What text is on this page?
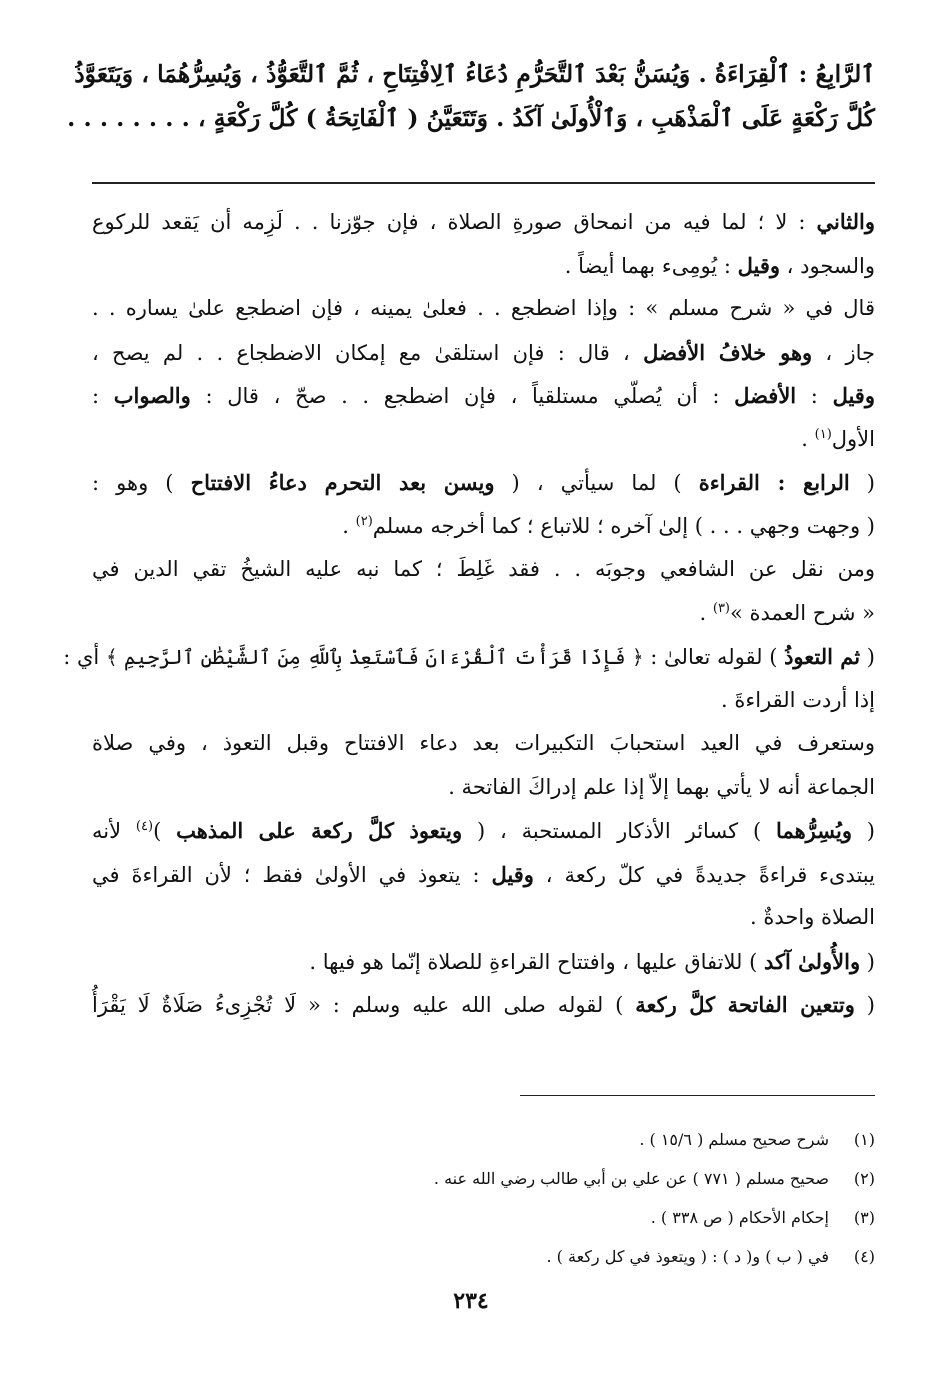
ٱلرَّابِعُ : ٱلْقِرَاءَةُ . وَيُسَنُّ بَعْدَ ٱلتَّحَرُّمِ دُعَاءُ ٱلِافْتِتَاحِ ، ثُمَّ ٱلتَّعَوُّذُ ، وَيُسِرُّهُمَا ، وَيَتَعَوَّذُ
كُلَّ رَكْعَةٍ عَلَى ٱلْمَذْهَبِ ، وَٱلْأُولَىٰ آكَدُ . وَتَتَعَيَّنُ ( ٱلْفَاتِحَةُ ) كُلَّ رَكْعَةٍ ، . . . . . . . .
والثاني : لا ؛ لما فيه من انمحاق صورةِ الصلاة ، فإن جوّزنا . . لَزِمه أن يَقعد للركوع
والسجود ، وقيل : يُومِىء بهما أيضاً .
قال في « شرح مسلم » : وإذا اضطجع . . فعلىٰ يمينه ، فإن اضطجع علىٰ يساره . .
جاز ، وهو خلافُ الأفضل ، قال : فإن استلقىٰ مع إمكان الاضطجاع . . لم يصح ،
وقيل : الأفضل : أن يُصلّي مستلقياً ، فإن اضطجع . . صحّ ، قال : والصواب :
الأول$^{(١)}$ .
( الرابع : القراءة ) لما سيأتي ، ( ويسن بعد التحرم دعاءُ الافتتاح ) وهو :
( وجهت وجهي . . . ) إلىٰ آخره ؛ للاتباع ؛ كما أخرجه مسلم$^{(٢)}$ .
ومن نقل عن الشافعي وجوبَه . . فقد غَلِطَ ؛ كما نبه عليه الشيخُ تقي الدين في
« شرح العمدة »$^{(٣)}$ .
( ثم التعوذُ ) لقوله تعالىٰ : ﴿ فَإِذَا قَرَأْتَ ٱلْقُرْءَانَ فَٱسْتَعِذْ بِٱللَّهِ مِنَ ٱلشَّيْطَٰنِ ٱلرَّجِيمِ ﴾ أي :
إذا أردت القراءةَ .
وستعرف في العيد استحبابَ التكبيرات بعد دعاء الافتتاح وقبل التعوذ ، وفي صلاة
الجماعة أنه لا يأتي بهما إلاّ إذا علم إدراكَ الفاتحة .
( ويُسِرُّهما ) كسائر الأذكار المستحبة ، ( ويتعوذ كلَّ ركعة على المذهب )$^{(٤)}$ لأنه
يبتدىء قراءةً جديدةً في كلّ ركعة ، وقيل : يتعوذ في الأولىٰ فقط ؛ لأن القراءةَ في
الصلاة واحدةٌ .
( والأُولىٰ آكد ) للاتفاق عليها ، وافتتاح القراءةِ للصلاة إنّما هو فيها .
( وتتعين الفاتحة كلَّ ركعة ) لقوله صلى الله عليه وسلم : « لَا تُجْزِىءُ صَلَاةٌ لَا يَقْرَأُ
(١)
شرح صحيح مسلم ( ١٥/٦ ) .
(٢)
صحيح مسلم ( ٧٧١ ) عن علي بن أبي طالب رضي الله عنه .
(٣)
إحكام الأحكام ( ص ٣٣٨ ) .
(٤)
في ( ب ) و( د ) : ( ويتعوذ في كل ركعة ) .
٢٣٤
